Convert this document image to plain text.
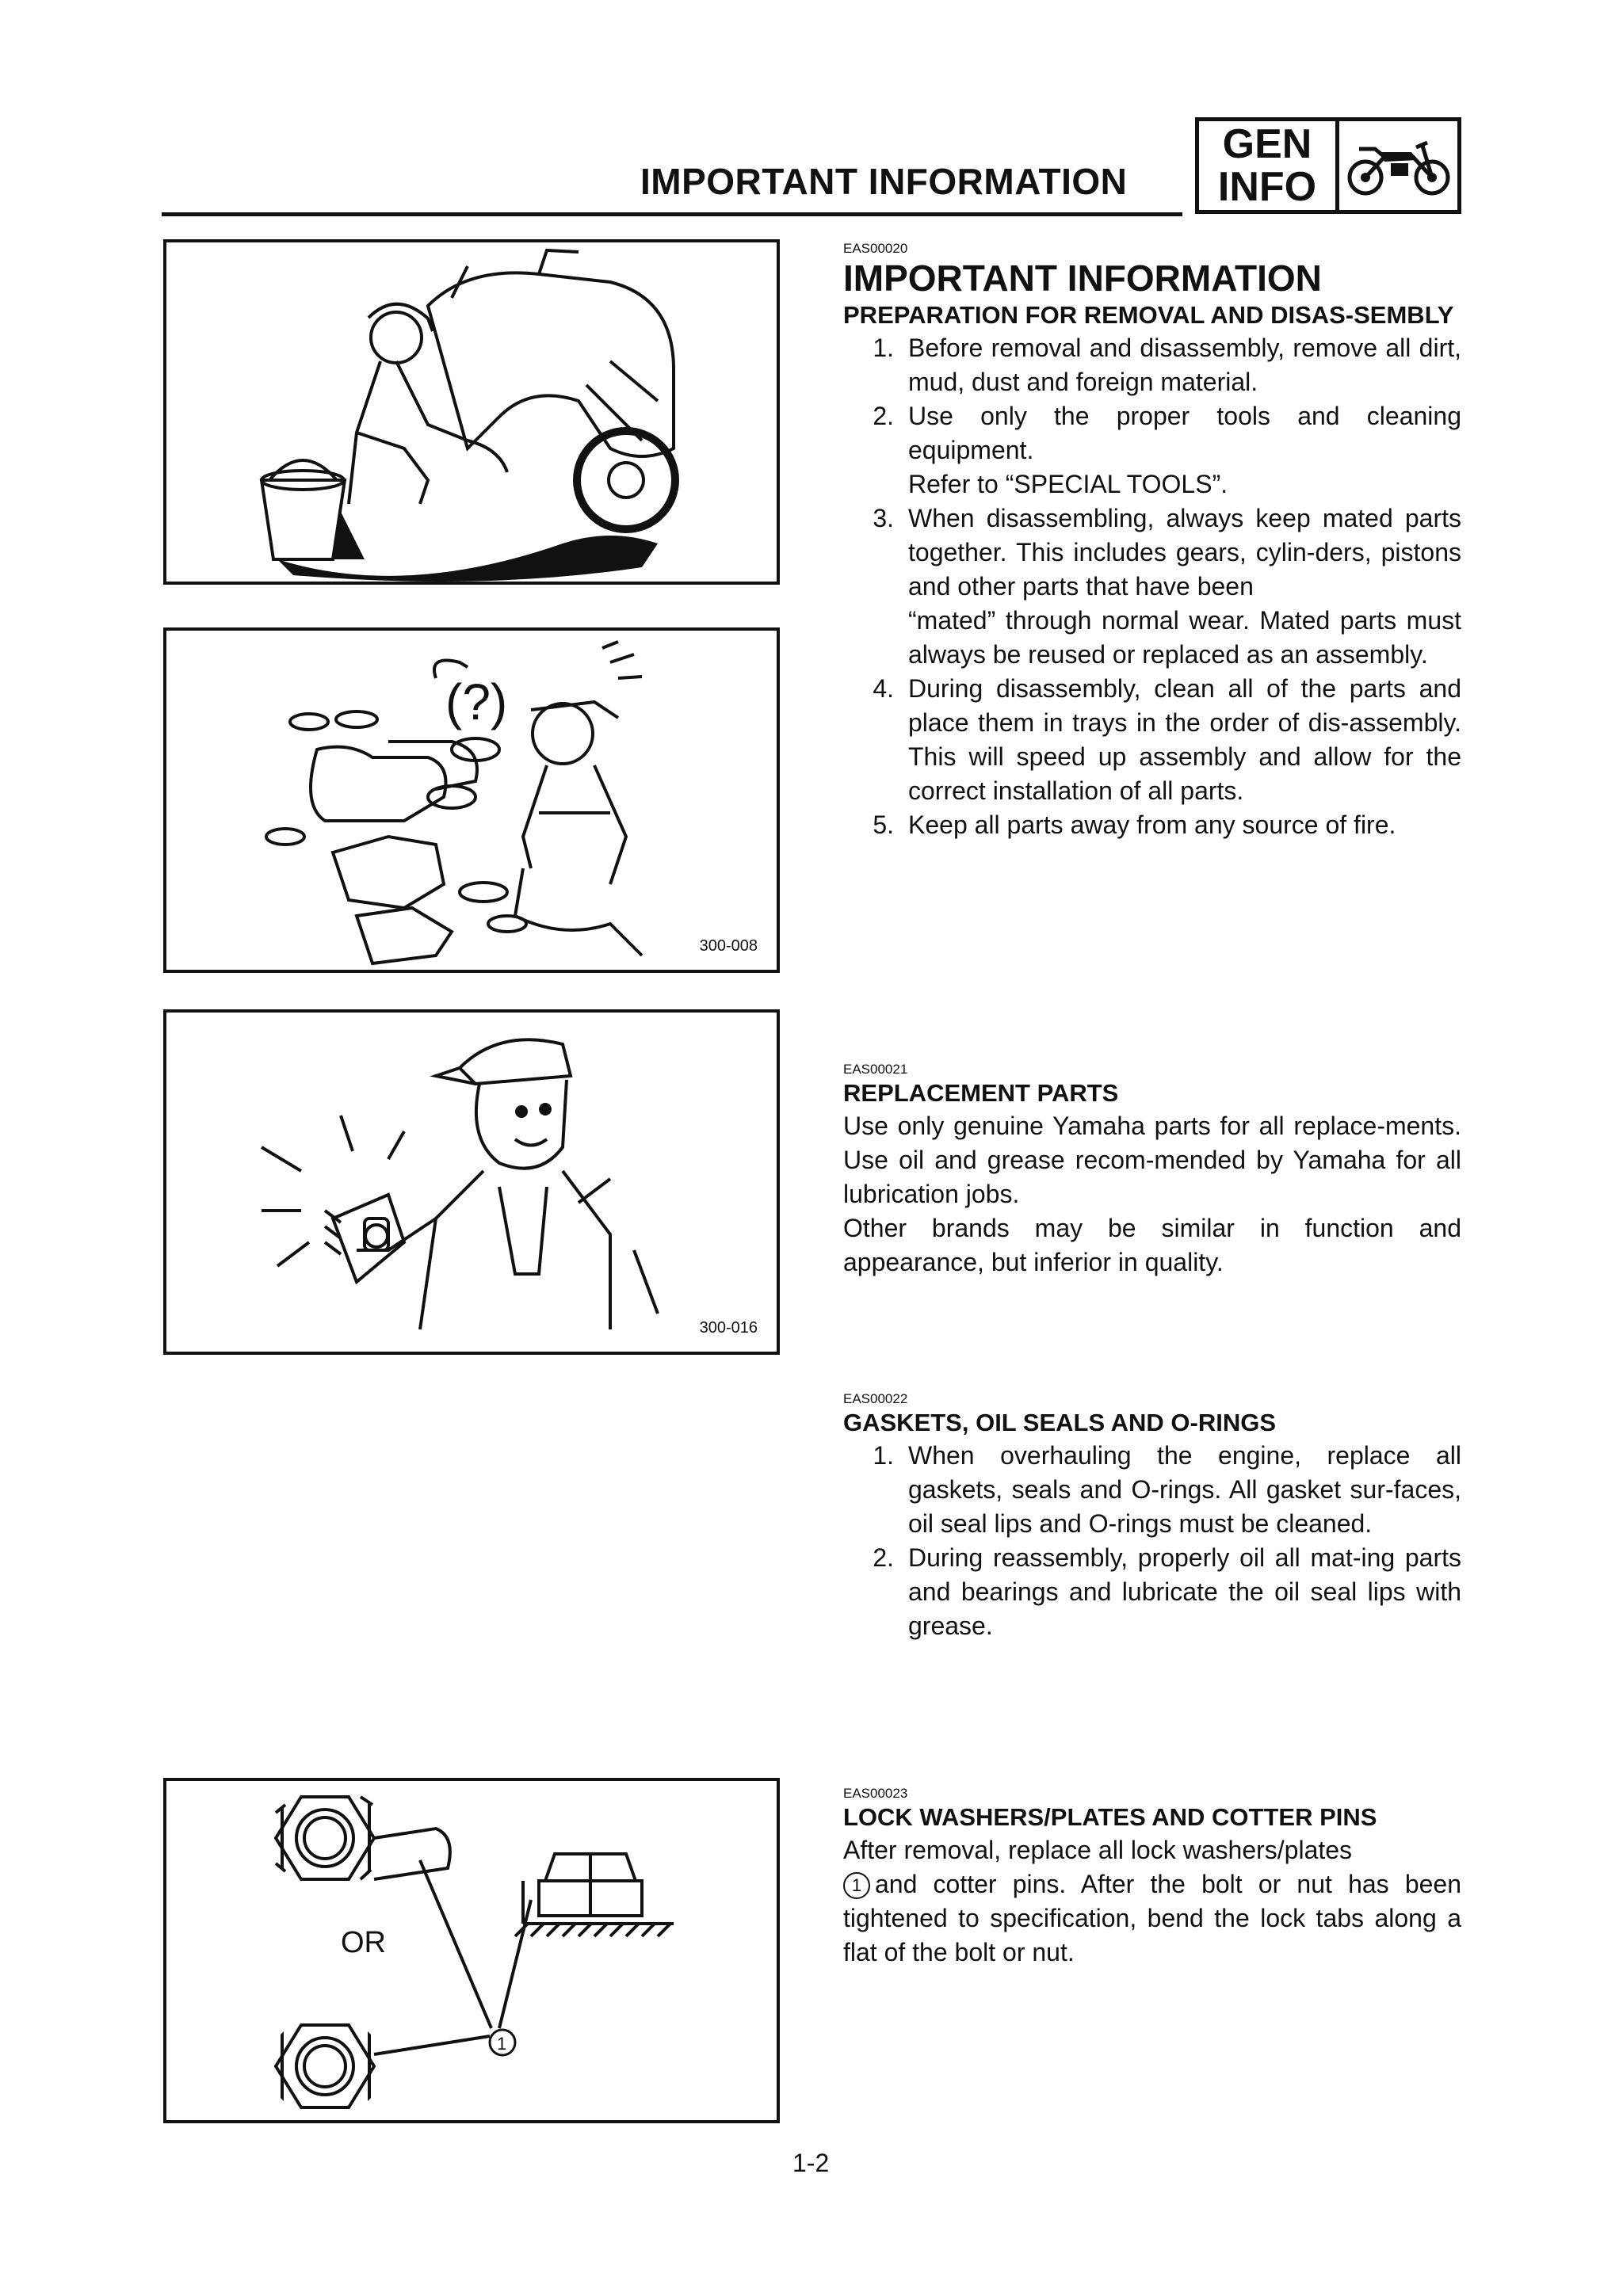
IMPORTANT INFORMATION
GEN
INFO
(?)
300-008
300-016
OR
1

EAS00020

IMPORTANT INFORMATION

PREPARATION FOR REMOVAL AND DISAS-SEMBLY

1. Before removal and disassembly, remove all dirt, mud, dust and foreign material.
2. Use only the proper tools and cleaning equipment.
Refer to “SPECIAL TOOLS”.
3. When disassembling, always keep mated parts together. This includes gears, cylin-ders, pistons and other parts that have been
“mated” through normal wear. Mated parts must always be reused or replaced as an assembly.
4. During disassembly, clean all of the parts and place them in trays in the order of dis-assembly. This will speed up assembly and allow for the correct installation of all parts.
5. Keep all parts away from any source of fire.

EAS00021

REPLACEMENT PARTS

Use only genuine Yamaha parts for all replace-ments. Use oil and grease recom-mended by Yamaha for all lubrication jobs.

Other brands may be similar in function and appearance, but inferior in quality.

EAS00022

GASKETS, OIL SEALS AND O-RINGS

1. When overhauling the engine, replace all gaskets, seals and O-rings. All gasket sur-faces, oil seal lips and O-rings must be cleaned.
2. During reassembly, properly oil all mat-ing parts and bearings and lubricate the oil seal lips with grease.

EAS00023

LOCK WASHERS/PLATES AND COTTER PINS

After removal, replace all lock washers/plates
1 and cotter pins. After the bolt or nut has been tightened to specification, bend the lock tabs along a flat of the bolt or nut.

1-2
